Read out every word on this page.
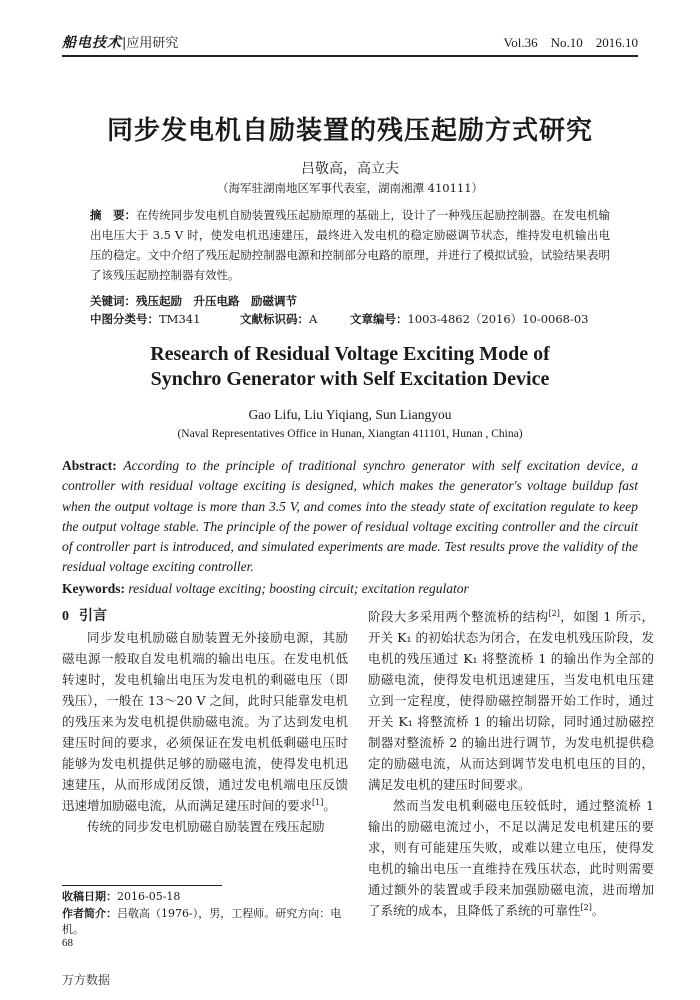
船电技术|应用研究	Vol.36　No.10　2016.10
同步发电机自励装置的残压起励方式研究
吕敬高，高立夫
（海军驻湖南地区军事代表室，湖南湘潭 410111）
摘　要：在传统同步发电机自励装置残压起励原理的基础上，设计了一种残压起励控制器。在发电机输出电压大于 3.5 V 时，使发电机迅速建压，最终进入发电机的稳定励磁调节状态，维持发电机输出电压的稳定。文中介绍了残压起励控制器电源和控制部分电路的原理，并进行了模拟试验，试验结果表明了该残压起励控制器有效性。
关键词：残压起励　升压电路　励磁调节
中图分类号：TM341	文献标识码：A	文章编号：1003-4862（2016）10-0068-03
Research of Residual Voltage Exciting Mode of
Synchro Generator with Self Excitation Device
Gao Lifu, Liu Yiqiang, Sun Liangyou
(Naval Representatives Office in Hunan, Xiangtan 411101, Hunan , China)
Abstract: According to the principle of traditional synchro generator with self excitation device, a controller with residual voltage exciting is designed, which makes the generator's voltage buildup fast when the output voltage is more than 3.5 V, and comes into the steady state of excitation regulate to keep the output voltage stable. The principle of the power of residual voltage exciting controller and the circuit of controller part is introduced, and simulated experiments are made. Test results prove the validity of the residual voltage exciting controller.
Keywords: residual voltage exciting; boosting circuit; excitation regulator

0 引言

同步发电机励磁自励装置无外接励电源，其励磁电源一般取自发电机端的输出电压。在发电机低转速时，发电机输出电压为发电机的剩磁电压（即残压），一般在 13～20 V 之间，此时只能靠发电机的残压来为发电机提供励磁电流。为了达到发电机建压时间的要求，必须保证在发电机低剩磁电压时能够为发电机提供足够的励磁电流，使得发电机迅速建压，从而形成闭反馈，通过发电机端电压反馈迅速增加励磁电流，从而满足建压时间的要求[1]。

传统的同步发电机励磁自励装置在残压起励

阶段大多采用两个整流桥的结构[2]，如图 1 所示，开关 K₁ 的初始状态为闭合，在发电机残压阶段，发电机的残压通过 K₁ 将整流桥 1 的输出作为全部的励磁电流，使得发电机迅速建压，当发电机电压建立到一定程度，使得励磁控制器开始工作时，通过开关 K₁ 将整流桥 1 的输出切除，同时通过励磁控制器对整流桥 2 的输出进行调节，为发电机提供稳定的励磁电流，从而达到调节发电机电压的目的，满足发电机的建压时间要求。

然而当发电机剩磁电压较低时，通过整流桥 1 输出的励磁电流过小，不足以满足发电机建压的要求，则有可能建压失败，或难以建立电压，使得发电机的输出电压一直维持在残压状态，此时则需要通过额外的装置或手段来加强励磁电流，进而增加了系统的成本，且降低了系统的可靠性[2]。

收稿日期：2016-05-18
作者简介：吕敬高（1976-），男，工程师。研究方向：电机。
68
万方数据
